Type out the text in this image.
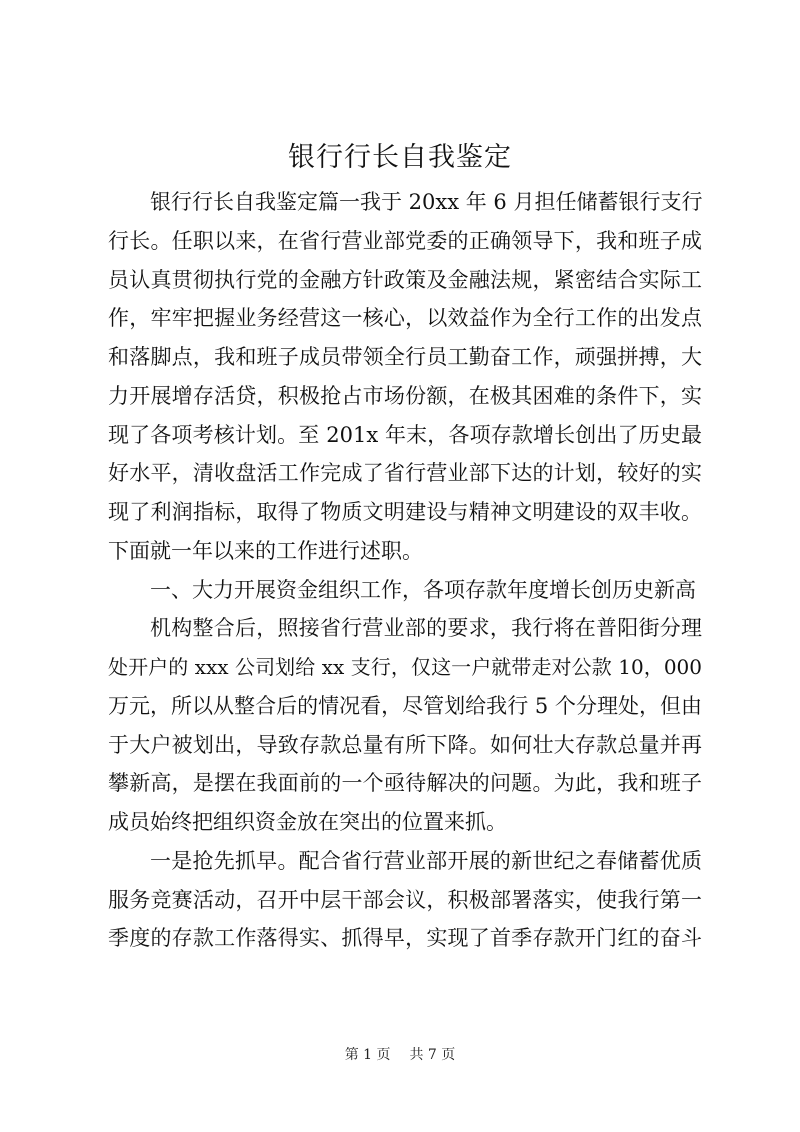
银行行长自我鉴定
银行行长自我鉴定篇一我于 20xx 年 6 月担任储蓄银行支行
行长。任职以来，在省行营业部党委的正确领导下，我和班子成
员认真贯彻执行党的金融方针政策及金融法规，紧密结合实际工
作，牢牢把握业务经营这一核心，以效益作为全行工作的出发点
和落脚点，我和班子成员带领全行员工勤奋工作，顽强拼搏，大
力开展增存活贷，积极抢占市场份额，在极其困难的条件下，实
现了各项考核计划。至 201x 年末，各项存款增长创出了历史最
好水平，清收盘活工作完成了省行营业部下达的计划，较好的实
现了利润指标，取得了物质文明建设与精神文明建设的双丰收。
下面就一年以来的工作进行述职。
一、大力开展资金组织工作，各项存款年度增长创历史新高
机构整合后，照接省行营业部的要求，我行将在普阳街分理
处开户的 xxx 公司划给 xx 支行，仅这一户就带走对公款 10，000
万元，所以从整合后的情况看，尽管划给我行 5 个分理处，但由
于大户被划出，导致存款总量有所下降。如何壮大存款总量并再
攀新高，是摆在我面前的一个亟待解决的问题。为此，我和班子
成员始终把组织资金放在突出的位置来抓。
一是抢先抓早。配合省行营业部开展的新世纪之春储蓄优质
服务竞赛活动，召开中层干部会议，积极部署落实，使我行第一
季度的存款工作落得实、抓得早，实现了首季存款开门红的奋斗
第 1 页 共 7 页
